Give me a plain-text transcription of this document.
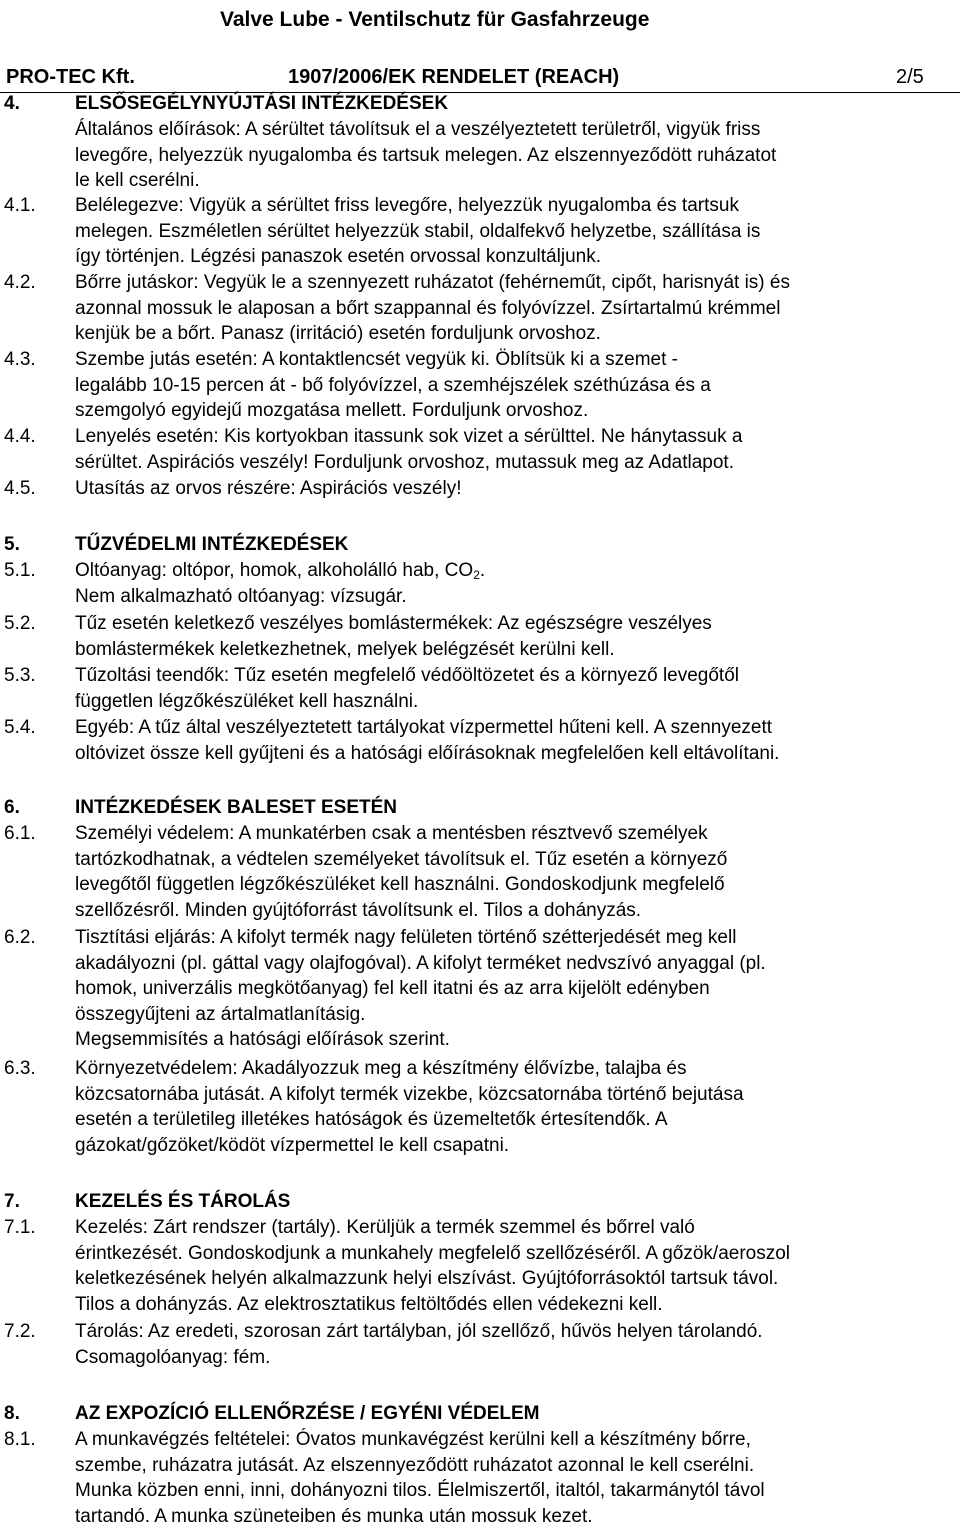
Valve Lube - Ventilschutz für Gasfahrzeuge
PRO-TEC Kft.	1907/2006/EK RENDELET (REACH)	2/5
4.	ELSŐSEGÉLYNYÚJTÁSI INTÉZKEDÉSEK
Általános előírások: A sérültet távolítsuk el a veszélyeztetett területről, vigyük friss
levegőre, helyezzük nyugalomba és tartsuk melegen. Az elszennyeződött ruházatot
le kell cserélni.
4.1. Belélegezve: Vigyük a sérültet friss levegőre, helyezzük nyugalomba és tartsuk
melegen. Eszméletlen sérültet helyezzük stabil, oldalfekvő helyzetbe, szállítása is
így történjen. Légzési panaszok esetén orvossal konzultáljunk.
4.2. Bőrre jutáskor: Vegyük le a szennyezett ruházatot (fehérneműt, cipőt, harisnyát is) és
azonnal mossuk le alaposan a bőrt szappannal és folyóvízzel. Zsírtartalmú krémmel
kenjük be a bőrt. Panasz (irritáció) esetén forduljunk orvoshoz.
4.3. Szembe jutás esetén: A kontaktlencsét vegyük ki. Öblítsük ki a szemet -
legalább 10-15 percen át - bő folyóvízzel, a szemhéjszélek széthúzása és a
szemgolyó egyidejű mozgatása mellett. Forduljunk orvoshoz.
4.4. Lenyelés esetén: Kis kortyokban itassunk sok vizet a sérülttel. Ne hánytassuk a
sérültet. Aspirációs veszély! Forduljunk orvoshoz, mutassuk meg az Adatlapot.
4.5. Utasítás az orvos részére: Aspirációs veszély!
5.	TŰZVÉDELMI INTÉZKEDÉSEK
5.1. Oltóanyag: oltópor, homok, alkoholálló hab, $CO_2$.
Nem alkalmazható oltóanyag: vízsugár.
5.2. Tűz esetén keletkező veszélyes bomlástermékek: Az egészségre veszélyes
bomlástermékek keletkezhetnek, melyek belégzését kerülni kell.
5.3. Tűzoltási teendők: Tűz esetén megfelelő védőöltözetet és a környező levegőtől
független légzőkészüléket kell használni.
5.4. Egyéb: A tűz által veszélyeztetett tartályokat vízpermettel hűteni kell. A szennyezett
oltóvizet össze kell gyűjteni és a hatósági előírásoknak megfelelően kell eltávolítani.
6.	INTÉZKEDÉSEK BALESET ESETÉN
6.1. Személyi védelem: A munkatérben csak a mentésben résztvevő személyek
tartózkodhatnak, a védtelen személyeket távolítsuk el. Tűz esetén a környező
levegőtől független légzőkészüléket kell használni. Gondoskodjunk megfelelő
szellőzésről. Minden gyújtóforrást távolítsunk el. Tilos a dohányzás.
6.2. Tisztítási eljárás: A kifolyt termék nagy felületen történő szétterjedését meg kell
akadályozni (pl. gáttal vagy olajfogóval). A kifolyt terméket nedvszívó anyaggal (pl.
homok, univerzális megkötőanyag) fel kell itatni és az arra kijelölt edényben
összegyűjteni az ártalmatlanításig.
Megsemmisítés a hatósági előírások szerint.
6.3. Környezetvédelem: Akadályozzuk meg a készítmény élővízbe, talajba és
közcsatornába jutását. A kifolyt termék vizekbe, közcsatornába történő bejutása
esetén a területileg illetékes hatóságok és üzemeltetők értesítendők. A
gázokat/gőzöket/ködöt vízpermettel le kell csapatni.
7.	KEZELÉS ÉS TÁROLÁS
7.1. Kezelés: Zárt rendszer (tartály). Kerüljük a termék szemmel és bőrrel való
érintkezését. Gondoskodjunk a munkahely megfelelő szellőzéséről. A gőzök/aeroszol
keletkezésének helyén alkalmazzunk helyi elszívást. Gyújtóforrásoktól tartsuk távol.
Tilos a dohányzás. Az elektrosztatikus feltöltődés ellen védekezni kell.
7.2. Tárolás: Az eredeti, szorosan zárt tartályban, jól szellőző, hűvös helyen tárolandó.
Csomagolóanyag: fém.
8.	AZ EXPOZÍCIÓ ELLENŐRZÉSE / EGYÉNI VÉDELEM
8.1. A munkavégzés feltételei: Óvatos munkavégzést kerülni kell a készítmény bőrre,
szembe, ruházatra jutását. Az elszennyeződött ruházatot azonnal le kell cserélni.
Munka közben enni, inni, dohányozni tilos. Élelmiszertől, italtól, takarmánytól távol
tartandó. A munka szüneteiben és munka után mossuk kezet.
